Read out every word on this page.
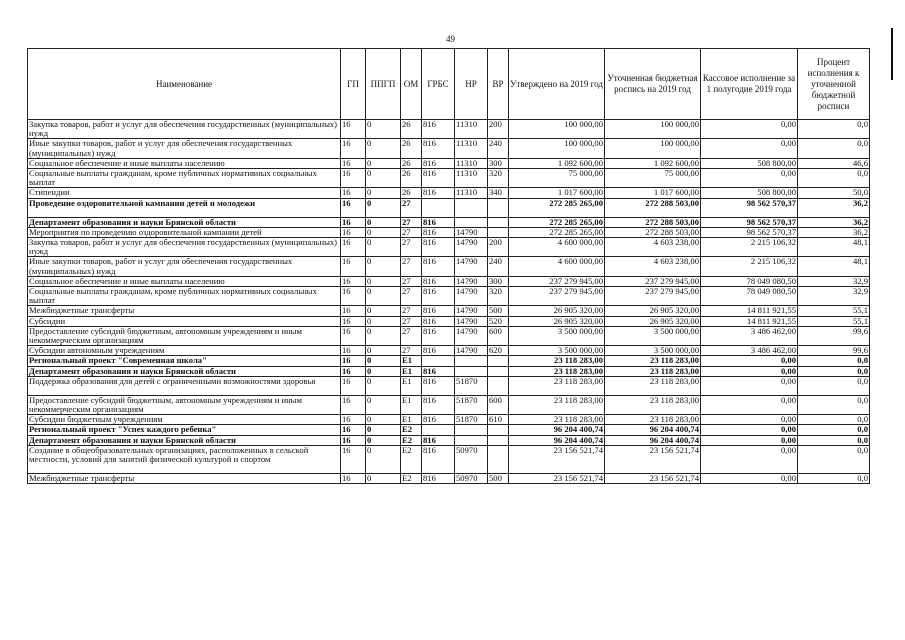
49
Наименование	ГП	ППГП	ОМ	ГРБС	НР	ВР	Утверждено на 2019 год	Уточненная бюджетная роспись на 2019 год	Кассовое исполнение за 1 полугодие 2019 года	Процент исполнения к уточненной бюджетной росписи
Закупка товаров, работ и услуг для обеспечения государственных (муниципальных) нужд	16	0	26	816	11310	200	100 000,00	100 000,00	0,00	0,0
Иные закупки товаров, работ и услуг для обеспечения государственных (муниципальных) нужд	16	0	26	816	11310	240	100 000,00	100 000,00	0,00	0,0
Социальное обеспечение и иные выплаты населению	16	0	26	816	11310	300	1 092 600,00	1 092 600,00	508 800,00	46,6
Социальные выплаты гражданам, кроме публичных нормативных социальных выплат	16	0	26	816	11310	320	75 000,00	75 000,00	0,00	0,0
Стипендии	16	0	26	816	11310	340	1 017 600,00	1 017 600,00	508 800,00	50,0
Проведение оздоровительной кампании детей и молодежи	16	0	27				272 285 265,00	272 288 503,00	98 562 570,37	36,2
Департамент образования и науки Брянской области	16	0	27	816			272 285 265,00	272 288 503,00	98 562 570,37	36,2
Мероприятия по проведению оздоровительной кампании детей	16	0	27	816	14790		272 285 265,00	272 288 503,00	98 562 570,37	36,2
Закупка товаров, работ и услуг для обеспечения государственных (муниципальных) нужд	16	0	27	816	14790	200	4 600 000,00	4 603 238,00	2 215 106,32	48,1
Иные закупки товаров, работ и услуг для обеспечения государственных (муниципальных) нужд	16	0	27	816	14790	240	4 600 000,00	4 603 238,00	2 215 106,32	48,1
Социальное обеспечение и иные выплаты населению	16	0	27	816	14790	300	237 279 945,00	237 279 945,00	78 049 080,50	32,9
Социальные выплаты гражданам, кроме публичных нормативных социальных выплат	16	0	27	816	14790	320	237 279 945,00	237 279 945,00	78 049 080,50	32,9
Межбюджетные трансферты	16	0	27	816	14790	500	26 905 320,00	26 905 320,00	14 811 921,55	55,1
Субсидии	16	0	27	816	14790	520	26 905 320,00	26 905 320,00	14 811 921,55	55,1
Предоставление субсидий бюджетным, автономным учреждениям и иным некоммерческим организациям	16	0	27	816	14790	600	3 500 000,00	3 500 000,00	3 486 462,00	99,6
Субсидии автономным учреждениям	16	0	27	816	14790	620	3 500 000,00	3 500 000,00	3 486 462,00	99,6
Региональный проект "Современная школа"	16	0	E1				23 118 283,00	23 118 283,00	0,00	0,0
Департамент образования и науки Брянской области	16	0	E1	816			23 118 283,00	23 118 283,00	0,00	0,0
Поддержка образования для детей с ограниченными возможностями здоровья	16	0	E1	816	51870		23 118 283,00	23 118 283,00	0,00	0,0
Предоставление субсидий бюджетным, автономным учреждениям и иным некоммерческим организациям	16	0	E1	816	51870	600	23 118 283,00	23 118 283,00	0,00	0,0
Субсидии бюджетным учреждениям	16	0	E1	816	51870	610	23 118 283,00	23 118 283,00	0,00	0,0
Региональный проект "Успех каждого ребенка"	16	0	E2				96 204 400,74	96 204 400,74	0,00	0,0
Департамент образования и науки Брянской области	16	0	E2	816			96 204 400,74	96 204 400,74	0,00	0,0
Создание в общеобразовательных организациях, расположенных в сельской местности, условий для занятий физической культурой и спортом	16	0	E2	816	50970		23 156 521,74	23 156 521,74	0,00	0,0
Межбюджетные трансферты	16	0	E2	816	50970	500	23 156 521,74	23 156 521,74	0,00	0,0
